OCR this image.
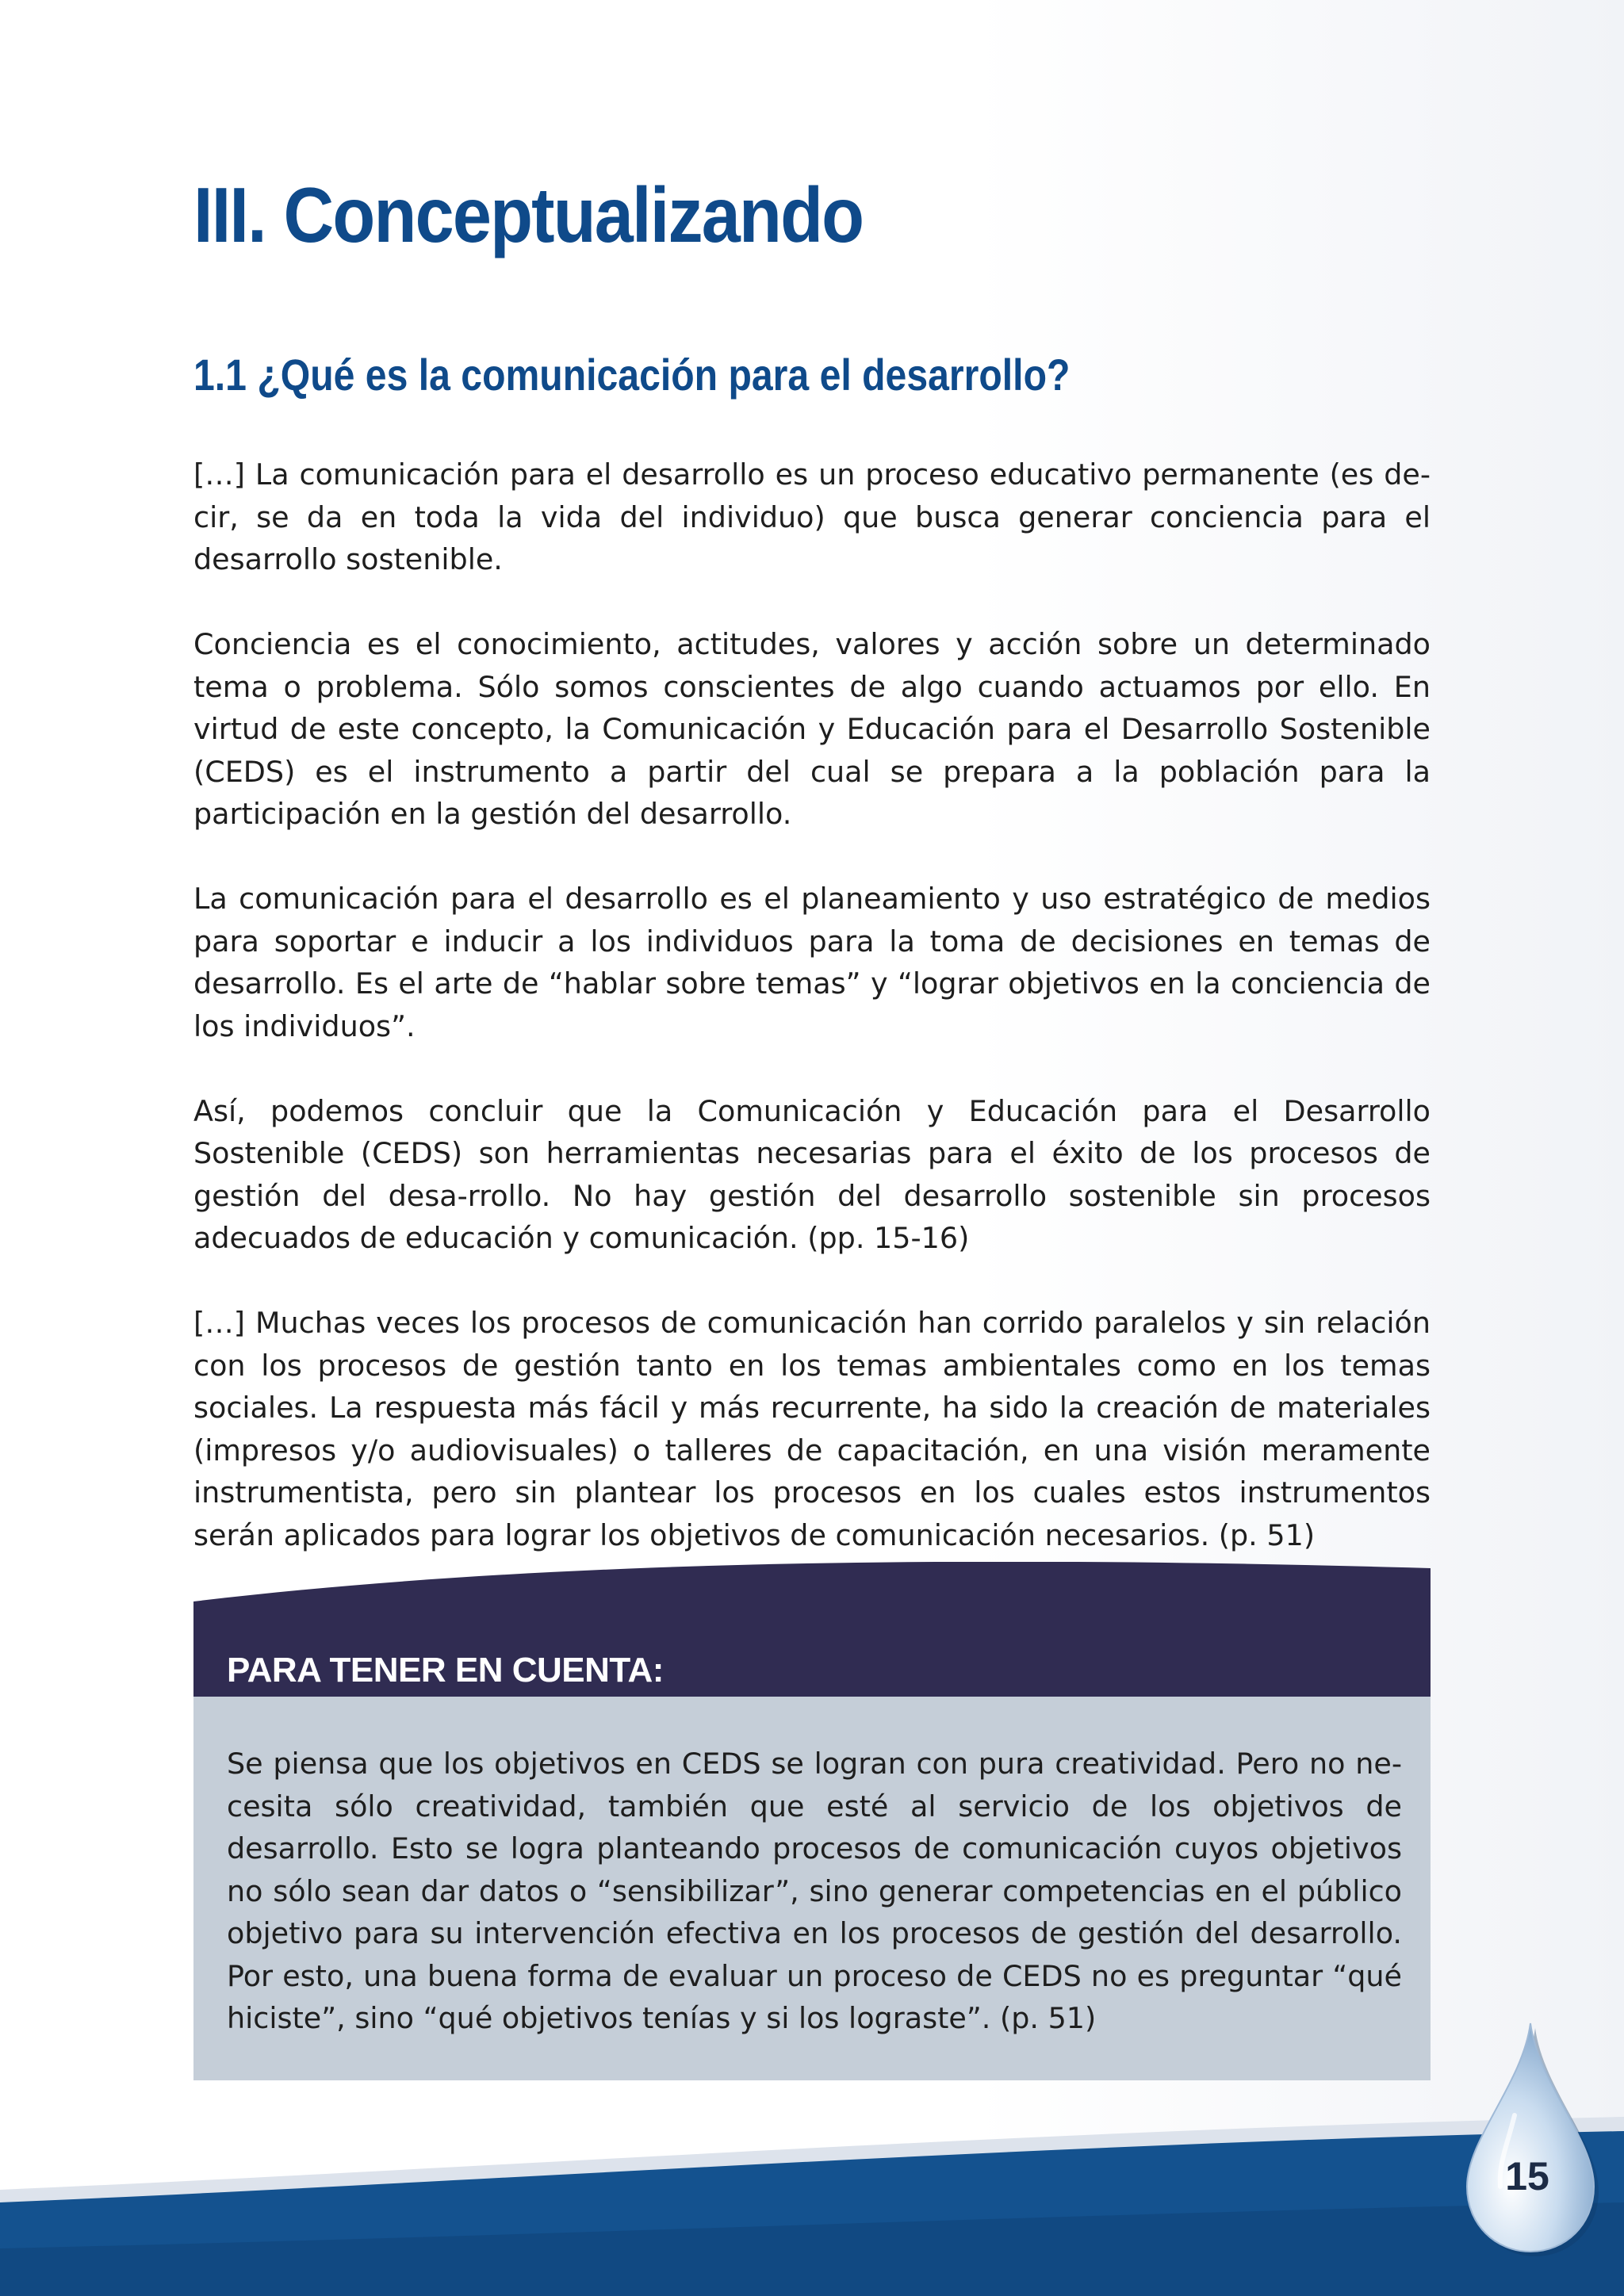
III. Conceptualizando
1.1 ¿Qué es la comunicación para el desarrollo?

[…] La comunicación para el desarrollo es un proceso educativo permanente (es de-cir, se da en toda la vida del individuo) que busca generar conciencia para el desarrollo sostenible.

Conciencia es el conocimiento, actitudes, valores y acción sobre un determinado tema o problema. Sólo somos conscientes de algo cuando actuamos por ello. En virtud de este concepto, la Comunicación y Educación para el Desarrollo Sostenible (CEDS) es el instrumento a partir del cual se prepara a la población para la participación en la gestión del desarrollo.

La comunicación para el desarrollo es el planeamiento y uso estratégico de medios para soportar e inducir a los individuos para la toma de decisiones en temas de desarrollo. Es el arte de “hablar sobre temas” y “lograr objetivos en la conciencia de los individuos”.

Así, podemos concluir que la Comunicación y Educación para el Desarrollo Sostenible (CEDS) son herramientas necesarias para el éxito de los procesos de gestión del desa-rrollo. No hay gestión del desarrollo sostenible sin procesos adecuados de educación y comunicación. (pp. 15-16)

[…] Muchas veces los procesos de comunicación han corrido paralelos y sin relación con los procesos de gestión tanto en los temas ambientales como en los temas sociales. La respuesta más fácil y más recurrente, ha sido la creación de materiales (impresos y/o audiovisuales) o talleres de capacitación, en una visión meramente instrumentista, pero sin plantear los procesos en los cuales estos instrumentos serán aplicados para lograr los objetivos de comunicación necesarios. (p. 51)

PARA TENER EN CUENTA:

Se piensa que los objetivos en CEDS se logran con pura creatividad. Pero no ne-cesita sólo creatividad, también que esté al servicio de los objetivos de desarrollo. Esto se logra planteando procesos de comunicación cuyos objetivos no sólo sean dar datos o “sensibilizar”, sino generar competencias en el público objetivo para su intervención efectiva en los procesos de gestión del desarrollo. Por esto, una buena forma de evaluar un proceso de CEDS no es preguntar “qué hiciste”, sino “qué objetivos tenías y si los lograste”. (p. 51)

15
